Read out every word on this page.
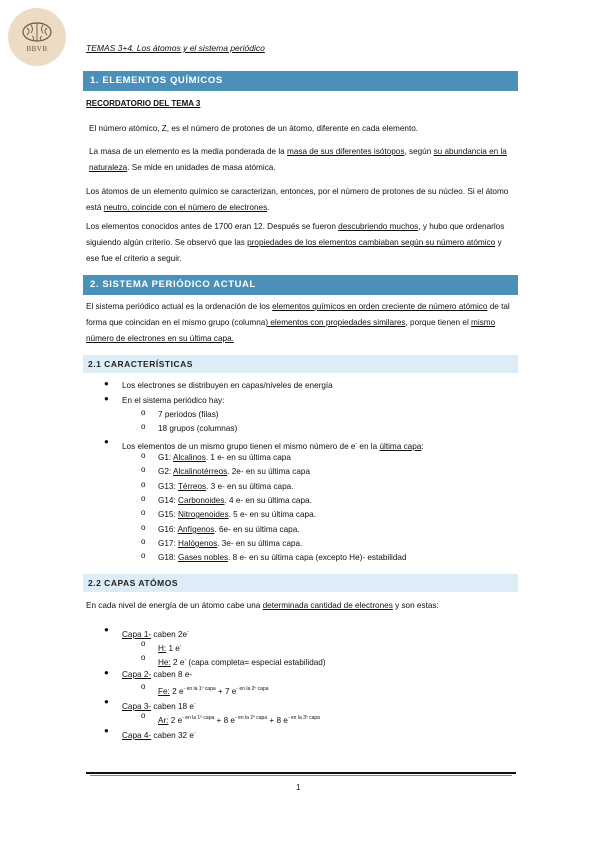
BBVB	TEMAS 3+4. Los átomos y el sistema periódico
1. ELEMENTOS QUÍMICOS
RECORDATORIO DEL TEMA 3
El número atómico, Z, es el número de protones de un átomo, diferente en cada elemento.
La masa de un elemento es la media ponderada de la masa de sus diferentes isótopos, según su abundancia en la naturaleza. Se mide en unidades de masa atómica.
Los átomos de un elemento químico se caracterizan, entonces, por el número de protones de su núcleo. Si el átomo está neutro, coincide con el número de electrones.
Los elementos conocidos antes de 1700 eran 12. Después se fueron descubriendo muchos, y hubo que ordenarlos siguiendo algún criterio. Se observó que las propiedades de los elementos cambiaban según su número atómico y ese fue el criterio a seguir.
2. SISTEMA PERIÓDICO ACTUAL
El sistema periódico actual es la ordenación de los elementos químicos en orden creciente de número atómico de tal forma que coincidan en el mismo grupo (columna) elementos con propiedades similares, porque tienen el mismo número de electrones en su última capa.
2.1 CARACTERÍSTICAS
● Los electrones se distribuyen en capas/niveles de energía
● En el sistema periódico hay:
o 7 periodos (filas)
o 18 grupos (columnas)
●
Los elementos de un mismo grupo tienen el mismo número de e- en la última capa:
o G1: Alcalinos. 1 e- en su última capa
o G2: Alcalinotérreos. 2e- en su última capa
o G13: Térreos. 3 e- en su última capa.
o G14: Carbonoides. 4 e- en su última capa.
o G15: Nitrogenoides. 5 e- en su última capa.
o G16: Anfígenos. 6e- en su última capa.
o G17: Halógenos. 3e- en su última capa.
o G18: Gases nobles. 8 e- en su última capa (excepto He)- estabilidad
2.2 CAPAS ATÓMOS
En cada nivel de energía de un átomo cabe una determinada cantidad de electrones y son estas:
●
Capa 1- caben 2e-
o
H: 1 e-
o
He: 2 e- (capa completa= especial estabilidad)
● Capa 2- caben 8 e-
o
Fe: 2 $e^{- en la 1º capa} + 7$ $e^{- en la 2º capa}$
●
Capa 3- caben 18 e-
o
Ar: 2 $e^{- en la 1º capa} + 8$ $e^{- en la 2º capa} + 8$ $e^{- en la 3º capa}$
●
Capa 4- caben 32 e-
1
